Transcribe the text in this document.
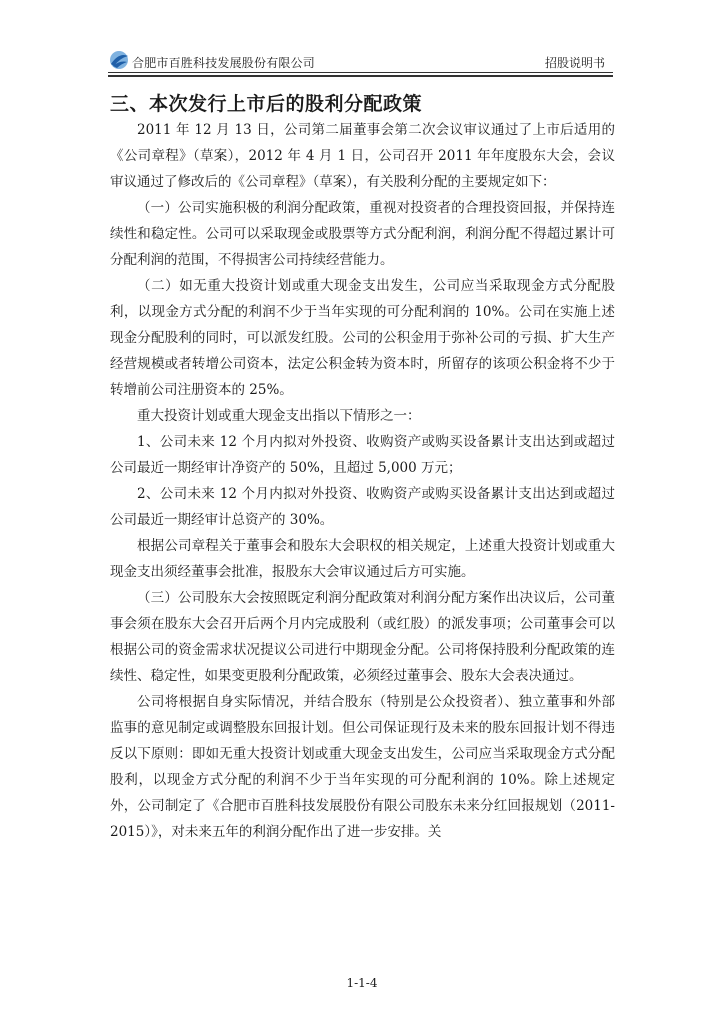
合肥市百胜科技发展股份有限公司	招股说明书
三、本次发行上市后的股利分配政策

2011 年 12 月 13 日，公司第二届董事会第二次会议审议通过了上市后适用的《公司章程》（草案），2012 年 4 月 1 日，公司召开 2011 年年度股东大会，会议审议通过了修改后的《公司章程》（草案），有关股利分配的主要规定如下：

（一）公司实施积极的利润分配政策，重视对投资者的合理投资回报，并保持连续性和稳定性。公司可以采取现金或股票等方式分配利润，利润分配不得超过累计可分配利润的范围，不得损害公司持续经营能力。

（二）如无重大投资计划或重大现金支出发生，公司应当采取现金方式分配股利，以现金方式分配的利润不少于当年实现的可分配利润的 10%。公司在实施上述现金分配股利的同时，可以派发红股。公司的公积金用于弥补公司的亏损、扩大生产经营规模或者转增公司资本，法定公积金转为资本时，所留存的该项公积金将不少于转增前公司注册资本的 25%。

重大投资计划或重大现金支出指以下情形之一：

1、公司未来 12 个月内拟对外投资、收购资产或购买设备累计支出达到或超过公司最近一期经审计净资产的 50%，且超过 5,000 万元；

2、公司未来 12 个月内拟对外投资、收购资产或购买设备累计支出达到或超过公司最近一期经审计总资产的 30%。

根据公司章程关于董事会和股东大会职权的相关规定，上述重大投资计划或重大现金支出须经董事会批准，报股东大会审议通过后方可实施。

（三）公司股东大会按照既定利润分配政策对利润分配方案作出决议后，公司董事会须在股东大会召开后两个月内完成股利（或红股）的派发事项；公司董事会可以根据公司的资金需求状况提议公司进行中期现金分配。公司将保持股利分配政策的连续性、稳定性，如果变更股利分配政策，必须经过董事会、股东大会表决通过。

公司将根据自身实际情况，并结合股东（特别是公众投资者）、独立董事和外部监事的意见制定或调整股东回报计划。但公司保证现行及未来的股东回报计划不得违反以下原则：即如无重大投资计划或重大现金支出发生，公司应当采取现金方式分配股利，以现金方式分配的利润不少于当年实现的可分配利润的 10%。除上述规定外，公司制定了《合肥市百胜科技发展股份有限公司股东未来分红回报规划（2011-2015）》，对未来五年的利润分配作出了进一步安排。关

1-1-4
